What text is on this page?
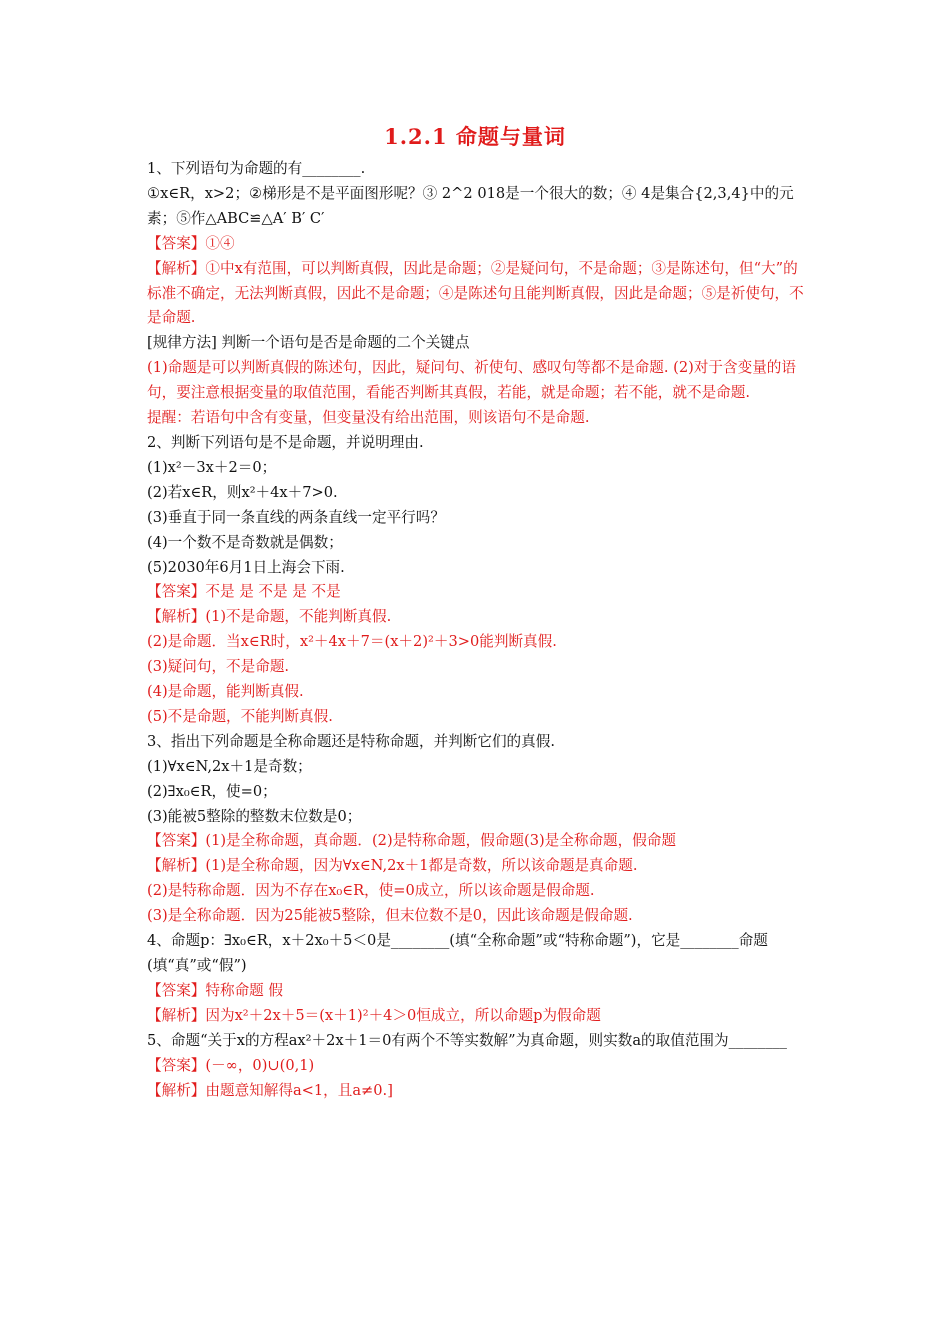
1.2.1 命题与量词
1、下列语句为命题的有________.
①x∈R，x>2；②梯形是不是平面图形呢？③ 2^2 018是一个很大的数；④ 4是集合{2,3,4}中的元素；⑤作△ABC≌△A′ B′ C′
【答案】①④
【解析】①中x有范围，可以判断真假，因此是命题；②是疑问句，不是命题；③是陈述句，但“大”的标准不确定，无法判断真假，因此不是命题；④是陈述句且能判断真假，因此是命题；⑤是祈使句，不是命题.
[规律方法] 判断一个语句是否是命题的二个关键点
(1)命题是可以判断真假的陈述句，因此，疑问句、祈使句、感叹句等都不是命题. (2)对于含变量的语句，要注意根据变量的取值范围，看能否判断其真假，若能，就是命题；若不能，就不是命题.
提醒：若语句中含有变量，但变量没有给出范围，则该语句不是命题.
2、判断下列语句是不是命题，并说明理由.
(1)x²－3x＋2＝0；
(2)若x∈R，则x²＋4x＋7>0.
(3)垂直于同一条直线的两条直线一定平行吗？
(4)一个数不是奇数就是偶数；
(5)2030年6月1日上海会下雨.
【答案】不是 是 不是 是 不是
【解析】(1)不是命题，不能判断真假.
(2)是命题．当x∈R时，x²＋4x＋7＝(x＋2)²＋3>0能判断真假.
(3)疑问句，不是命题.
(4)是命题，能判断真假.
(5)不是命题，不能判断真假.
3、指出下列命题是全称命题还是特称命题，并判断它们的真假.
(1)∀x∈N,2x＋1是奇数；
(2)∃x₀∈R，使=0；
(3)能被5整除的整数末位数是0；
【答案】(1)是全称命题，真命题．(2)是特称命题，假命题(3)是全称命题，假命题
【解析】(1)是全称命题，因为∀x∈N,2x＋1都是奇数，所以该命题是真命题.
(2)是特称命题．因为不存在x₀∈R，使=0成立，所以该命题是假命题.
(3)是全称命题．因为25能被5整除，但末位数不是0，因此该命题是假命题.
4、命题p：∃x₀∈R，x＋2x₀＋5＜0是________(填“全称命题”或“特称命题”)，它是________命题(填“真”或“假”)
【答案】特称命题 假
【解析】因为x²＋2x＋5＝(x＋1)²＋4＞0恒成立，所以命题p为假命题
5、命题“关于x的方程ax²＋2x＋1＝0有两个不等实数解”为真命题，则实数a的取值范围为________
【答案】(－∞，0)∪(0,1)
【解析】由题意知解得a<1，且a≠0.]
